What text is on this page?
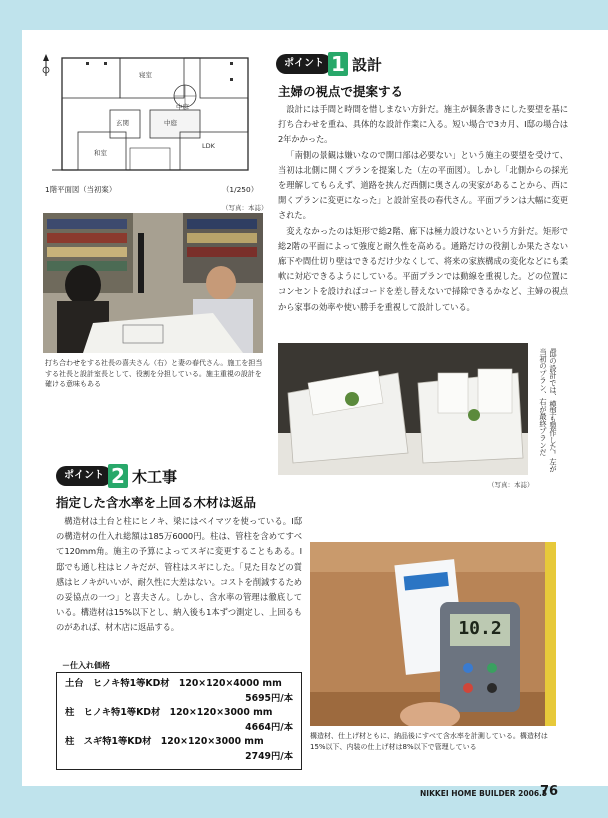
寝室
中庭
玄関	中庭
LDK
和室
1階平面図（当初案）	（1/250）
（写真：本誌）
打ち合わせをする社長の喜夫さん（右）と妻の春代さん。施工を担当する社長と設計室長として、役割を分担している。施主重視の設計を確ける意味もある
ポイント 1 設計
主婦の視点で提案する

設計には手間と時間を惜しまない方針だ。施主が個条書きにした要望を基に打ち合わせを重ね、具体的な設計作業に入る。短い場合で3カ月、I邸の場合は2年かかった。

「南側の景観は嫌いなので開口部は必要ない」という施主の要望を受けて、当初は北側に開くプランを提案した（左の平面図）。しかし「北側からの採光を理解してもらえず、道路を挟んだ西側に奥さんの実家があることから、西に開くプランに変更になった」と設計室長の春代さん。平面プランは大幅に変更された。

変えなかったのは矩形で総2階、廊下は極力設けないという方針だ。矩形で総2階の平面によって強度と耐久性を高める。通路だけの役割しか果たさない廊下や間仕切り壁はできるだけ少なくして、将来の家族構成の変化などにも柔軟に対応できるようにしている。平面プランでは動線を重視した。どの位置にコンセントを設ければコードを差し替えないで掃除できるかなど、主婦の視点から家事の効率や使い勝手を重視して設計している。

I邸の設計では、模型も製作した。左が当初のプラン、右が最終プランだ
（写真：本誌）
ポイント 2 木工事
指定した含水率を上回る木材は返品

構造材は土台と柱にヒノキ、梁にはベイマツを使っている。I邸の構造材の仕入れ総額は185万6000円。柱は、管柱を含めてすべて120mm角。施主の予算によってスギに変更することもある。I邸でも通し柱はヒノキだが、管柱はスギにした。「見た目などの質感はヒノキがいいが、耐久性に大差はない。コストを削減するための妥協点の一つ」と喜夫さん。しかし、含水率の管理は徹底している。構造材は15%以下とし、納入後も1本ずつ測定し、上回るものがあれば、材木店に返品する。

－仕入れ価格
土台　ヒノキ特1等KD材　120×120×4000 mm
5695円/本
柱　ヒノキ特1等KD材　120×120×3000 mm
4664円/本
柱　スギ特1等KD材　120×120×3000 mm
2749円/本
10.2
構造材、仕上げ材ともに、納品後にすべて含水率を計測している。構造材は15%以下、内装の仕上げ材は8%以下で管理している
NIKKEI HOME BUILDER 2006.5
76
